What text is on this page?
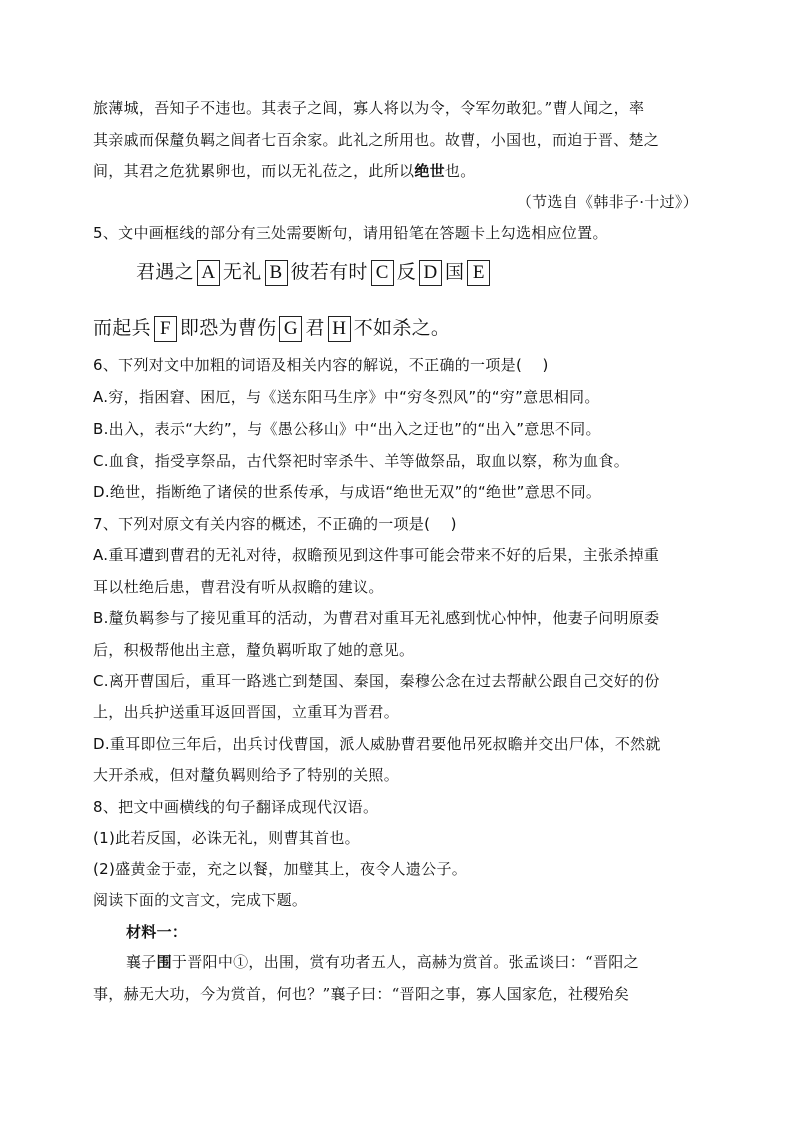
旅薄城，吾知子不违也。其表子之闾，寡人将以为令，令军勿敢犯。”曹人闻之，率
其亲戚而保釐负羁之闾者七百余家。此礼之所用也。故曹，小国也，而迫于晋、楚之
间，其君之危犹累卵也，而以无礼莅之，此所以绝世也。
（节选自《韩非子·十过》）
5、文中画框线的部分有三处需要断句，请用铅笔在答题卡上勾选相应位置。
君遇之 A 无礼 B 彼若有时 C 反 D 国 E
而起兵 F 即恐为曹伤 G 君 H 不如杀之。
6、下列对文中加粗的词语及相关内容的解说，不正确的一项是(　 )
A.穷，指困窘、困厄，与《送东阳马生序》中“穷冬烈风”的“穷”意思相同。
B.出入，表示“大约”，与《愚公移山》中“出入之迂也”的“出入”意思不同。
C.血食，指受享祭品，古代祭祀时宰杀牛、羊等做祭品，取血以察，称为血食。
D.绝世，指断绝了诸侯的世系传承，与成语“绝世无双”的“绝世”意思不同。
7、下列对原文有关内容的概述，不正确的一项是(　 )
A.重耳遭到曹君的无礼对待，叔瞻预见到这件事可能会带来不好的后果，主张杀掉重
耳以杜绝后患，曹君没有听从叔瞻的建议。
B.釐负羁参与了接见重耳的活动，为曹君对重耳无礼感到忧心忡忡，他妻子问明原委
后，积极帮他出主意，釐负羁听取了她的意见。
C.离开曹国后，重耳一路逃亡到楚国、秦国，秦穆公念在过去帮献公跟自己交好的份
上，出兵护送重耳返回晋国，立重耳为晋君。
D.重耳即位三年后，出兵讨伐曹国，派人威胁曹君要他吊死叔瞻并交出尸体，不然就
大开杀戒，但对釐负羁则给予了特别的关照。
8、把文中画横线的句子翻译成现代汉语。
(1)此若反国，必诛无礼，则曹其首也。
(2)盛黄金于壶，充之以餐，加璧其上，夜令人遗公子。
阅读下面的文言文，完成下题。
材料一：
襄子围于晋阳中①，出围，赏有功者五人，高赫为赏首。张孟谈曰：“晋阳之
事，赫无大功，今为赏首，何也？”襄子曰：“晋阳之事，寡人国家危，社稷殆矣
